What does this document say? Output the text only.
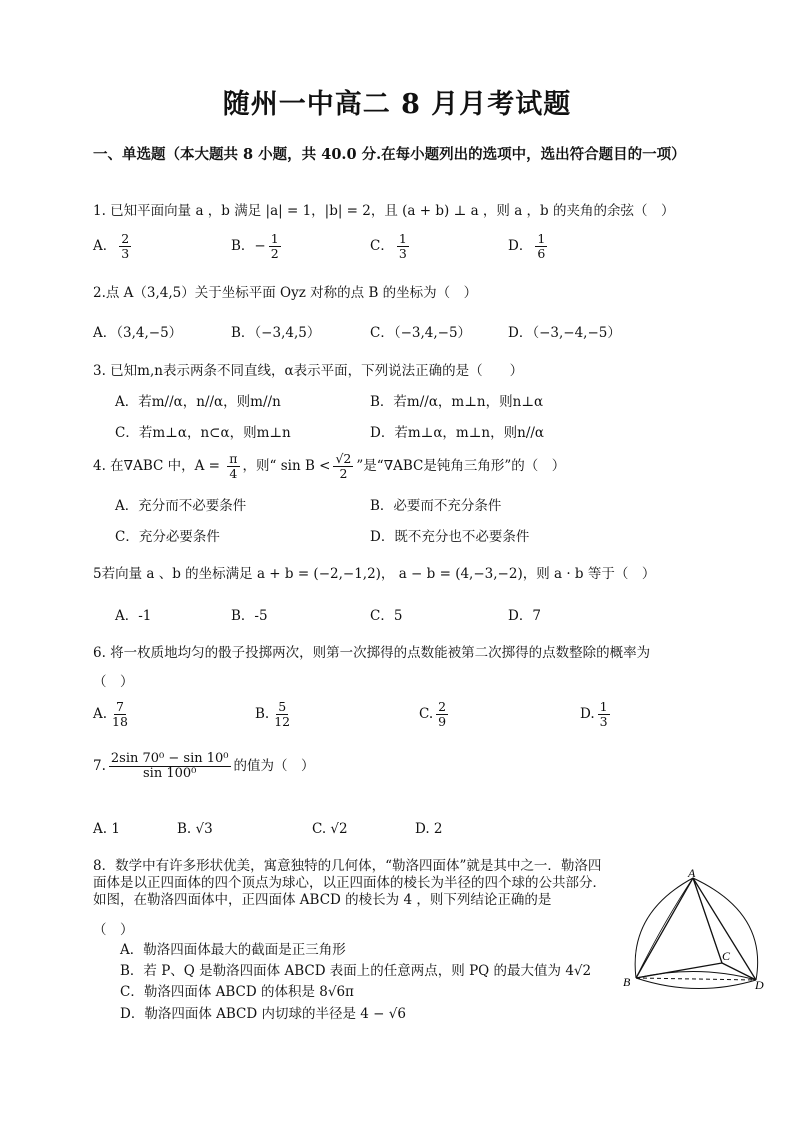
随州一中高二 8 月月考试题
一、单选题（本大题共 8 小题，共 40.0 分.在每小题列出的选项中，选出符合题目的一项）
1. 已知平面向量 a ，b 满足 |a| = 1，|b| = 2，且 (a + b) ⊥ a ，则 a ，b 的夹角的余弦（　）
A． $\frac{2}{3}$	B．− $\frac{1}{2}$	C． $\frac{1}{3}$	D． $\frac{1}{6}$
2.点 A（3,4,5）关于坐标平面 Oyz 对称的点 B 的坐标为（　）
A．（3,4,−5）	B．（−3,4,5）	C．（−3,4,−5）	D．（−3,−4,−5）
3. 已知m,n表示两条不同直线，α表示平面，下列说法正确的是（　　）
A．若m//α，n//α，则m//n	B．若m//α，m⊥n，则n⊥α
C．若m⊥α，n⊂α，则m⊥n	D．若m⊥α，m⊥n，则n//α
4. 在∇ABC 中，$A = \frac{\pi}{4}$ ，则“ $\sin B < \frac{√2}{2}$ ”是“∇ABC是钝角三角形”的（　）
A．充分而不必要条件	B．必要而不充分条件
C．充分必要条件	D．既不充分也不必要条件
5若向量 a 、b 的坐标满足 a + b = (−2,−1,2)， a − b = (4,−3,−2)，则 a · b 等于（　）
A．-1	B．-5	C．5	D．7
6. 将一枚质地均匀的骰子投掷两次，则第一次掷得的点数能被第二次掷得的点数整除的概率为
（　）
A. $\frac{7}{18}$	B. $\frac{5}{12}$	C. $\frac{2}{9}$	D. $\frac{1}{3}$
7. $\frac{\text{2sin 70⁰ − sin 10⁰}}{\text{sin 100⁰}}$ 的值为（　）
A. 1	B. √3	C. √2	D. 2
8．数学中有许多形状优美，寓意独特的几何体，“勒洛四面体”就是其中之一．勒洛四面体是以正四面体的四个顶点为球心，以正四面体的棱长为半径的四个球的公共部分．如图，在勒洛四面体中，正四面体 ABCD 的棱长为 4 ，则下列结论正确的是
（　）
A．勒洛四面体最大的截面是正三角形
B．若 P、Q 是勒洛四面体 ABCD 表面上的任意两点，则 PQ 的最大值为 4√2
C．勒洛四面体 ABCD 的体积是 8√6π
D．勒洛四面体 ABCD 内切球的半径是 4 − √6
A
B
C
D
